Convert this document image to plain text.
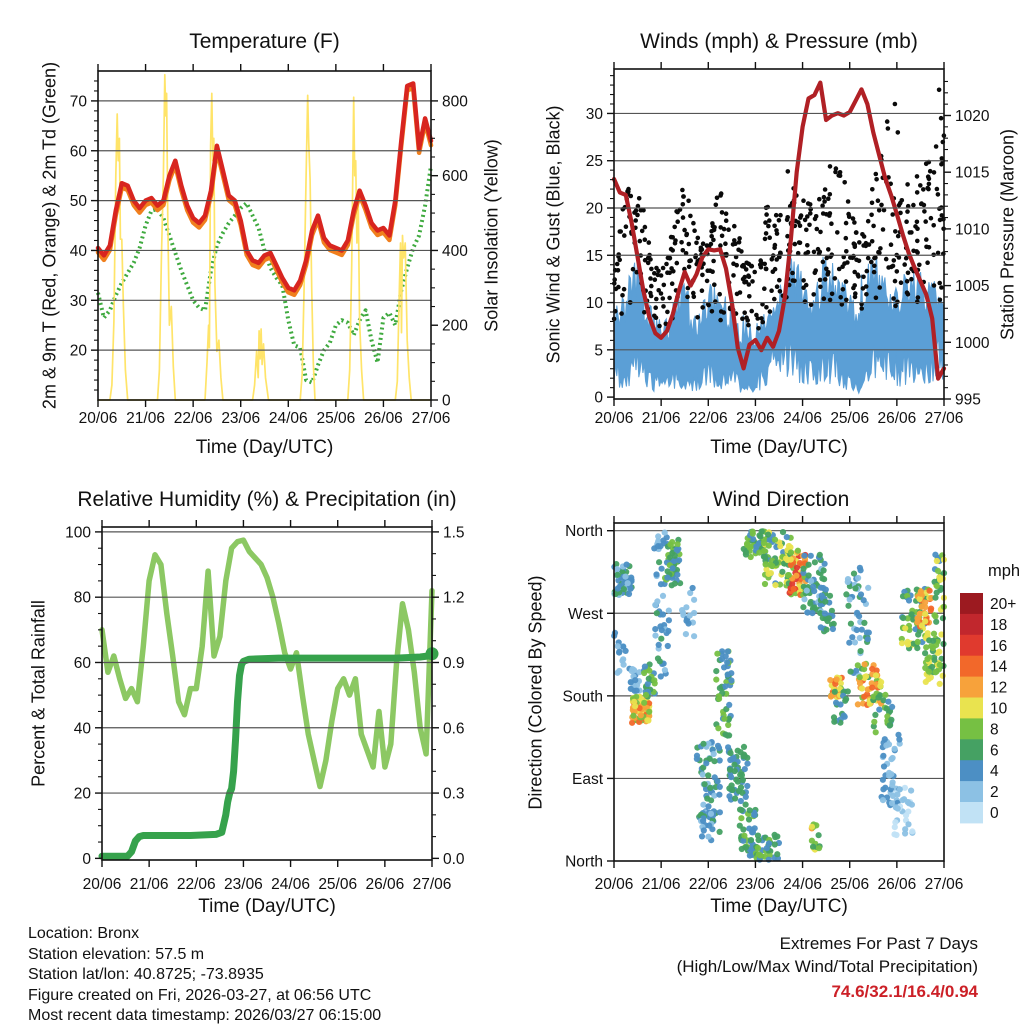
20/06 21/06 22/06 23/06 24/06 25/06 26/06 27/06
20
30
40
50
60
70
0
200
400
600
800
20/06 21/06 22/06 23/06 24/06 25/06 26/06 27/06
0
5
10
15
20
25
30
995
1000
1005
1010
1015
1020
20/06 21/06 22/06 23/06 24/06 25/06 26/06 27/06
0
20
40
60
80
100
0.0
0.3
0.6
0.9
1.2
1.5
20/06 21/06 22/06 23/06 24/06 25/06 26/06 27/06
North
West
South
East
North
20+
18
16
14
12
10
8
6
4
2
0
Temperature (F)	Winds (mph) & Pressure (mb)
Relative Humidity (%) & Precipitation (in)	Wind Direction
Time (Day/UTC)	Time (Day/UTC)
Time (Day/UTC)	Time (Day/UTC)
2m & 9m T (Red, Orange) & 2m Td (Green)	Solar Insolation (Yellow) Sonic Wind & Gust (Blue, Black)	Station Pressure (Maroon)
Percent & Total Rainfall	Direction (Colored By Speed)
mph
Location: Bronx
Station elevation: 57.5 m
Station lat/lon: 40.8725; -73.8935
Figure created on Fri, 2026-03-27, at 06:56 UTC
Most recent data timestamp: 2026/03/27 06:15:00
Extremes For Past 7 Days
(High/Low/Max Wind/Total Precipitation)
74.6/32.1/16.4/0.94
